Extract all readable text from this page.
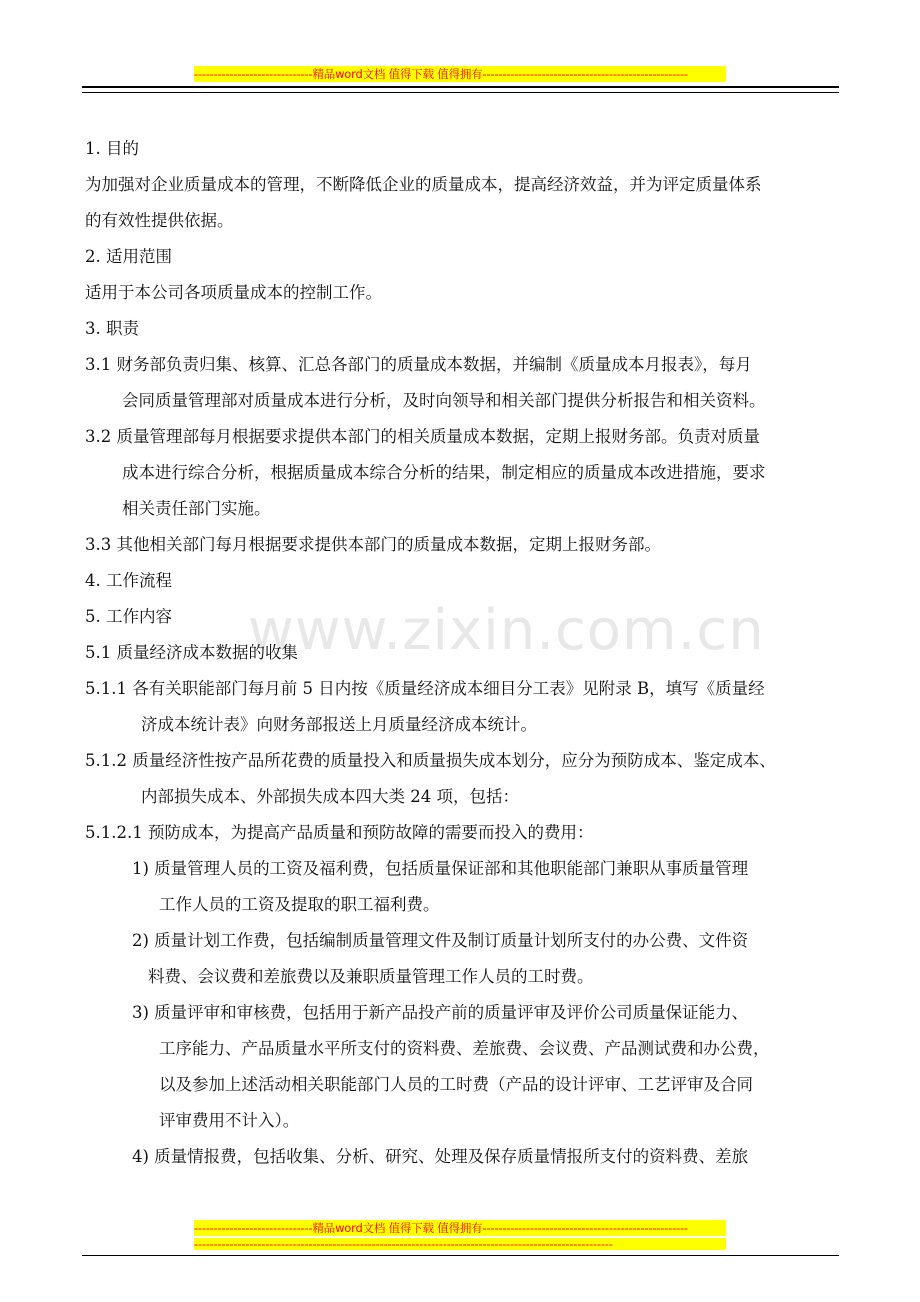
------------------------------精品word文档 值得下载 值得拥有----------------------------------------------------
www.zixin.com.cn
1. 目的
为加强对企业质量成本的管理，不断降低企业的质量成本，提高经济效益，并为评定质量体系
的有效性提供依据。
2. 适用范围
适用于本公司各项质量成本的控制工作。
3. 职责
3.1 财务部负责归集、核算、汇总各部门的质量成本数据，并编制《质量成本月报表》，每月
会同质量管理部对质量成本进行分析，及时向领导和相关部门提供分析报告和相关资料。
3.2 质量管理部每月根据要求提供本部门的相关质量成本数据，定期上报财务部。负责对质量
成本进行综合分析，根据质量成本综合分析的结果，制定相应的质量成本改进措施，要求
相关责任部门实施。
3.3 其他相关部门每月根据要求提供本部门的质量成本数据，定期上报财务部。
4. 工作流程
5. 工作内容
5.1 质量经济成本数据的收集
5.1.1 各有关职能部门每月前 5 日内按《质量经济成本细目分工表》见附录 B，填写《质量经
济成本统计表》向财务部报送上月质量经济成本统计。
5.1.2 质量经济性按产品所花费的质量投入和质量损失成本划分，应分为预防成本、鉴定成本、
内部损失成本、外部损失成本四大类 24 项，包括：
5.1.2.1 预防成本，为提高产品质量和预防故障的需要而投入的费用：
1) 质量管理人员的工资及福利费，包括质量保证部和其他职能部门兼职从事质量管理
工作人员的工资及提取的职工福利费。
2) 质量计划工作费，包括编制质量管理文件及制订质量计划所支付的办公费、文件资
料费、会议费和差旅费以及兼职质量管理工作人员的工时费。
3) 质量评审和审核费，包括用于新产品投产前的质量评审及评价公司质量保证能力、
工序能力、产品质量水平所支付的资料费、差旅费、会议费、产品测试费和办公费，
以及参加上述活动相关职能部门人员的工时费（产品的设计评审、工艺评审及合同
评审费用不计入）。
4) 质量情报费，包括收集、分析、研究、处理及保存质量情报所支付的资料费、差旅
------------------------------精品word文档 值得下载 值得拥有----------------------------------------------------
----------------------------------------------------------------------------------------------------------
